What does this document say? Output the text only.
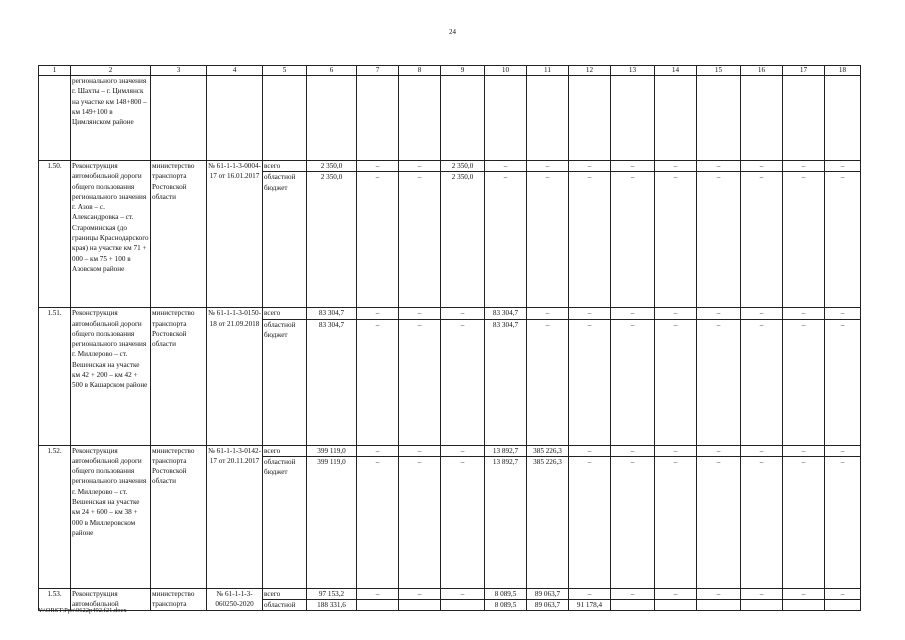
24
1	2	3	4	5	6	7	8	9	10	11	12	13	14	15	16	17	18
	регионального значения г. Шахты – г. Цимлянск на участке км 148+800 – км 149+100 в Цимлянском районе																
1.50.	Реконструкция автомобильной дороги общего пользования регионального значения г. Азов – с. Александровка – ст. Староминская (до границы Краснодарского края) на участке км 71 + 000 – км 75 + 100 в Азовском районе	министерство транспорта Ростовской области	№ 61-1-1-3-0004-17 от 16.01.2017	всего	2 350,0	–	–	2 350,0	–	–	–	–	–	–	–	–	–
				областной бюджет	2 350,0	–	–	2 350,0	–	–	–	–	–	–	–	–	–
1.51.	Реконструкция автомобильной дороги общего пользования регионального значения г. Миллерово – ст. Вешенская на участке км 42 + 200 – км 42 + 500 в Кашарском районе	министерство транспорта Ростовской области	№ 61-1-1-3-0150-18 от 21.09.2018	всего	83 304,7	–	–	–	83 304,7	–	–	–	–	–	–	–	–
				областной бюджет	83 304,7	–	–	–	83 304,7	–	–	–	–	–	–	–	–
1.52.	Реконструкция автомобильной дороги общего пользования регионального значения г. Миллерово – ст. Вешенская на участке км 24 + 600 – км 38 + 000 в Миллеровском районе	министерство транспорта Ростовской области	№ 61-1-1-3-0142-17 от 20.11.2017	всего	399 119,0	–	–	–	13 892,7	385 226,3	–	–	–	–	–	–	–
				областной бюджет	399 119,0	–	–	–	13 892,7	385 226,3	–	–	–	–	–	–	–
1.53.	Реконструкция автомобильной	министерство транспорта	№ 61-1-1-3-060250-2020	всего	97 153,2	–	–	–	8 089,5	89 063,7	–	–	–	–	–	–	–
				областной	188 331,6				8 089,5	89 063,7	91 178,4						
Y:\ORST\Ppo\0622p492.f21.docx
